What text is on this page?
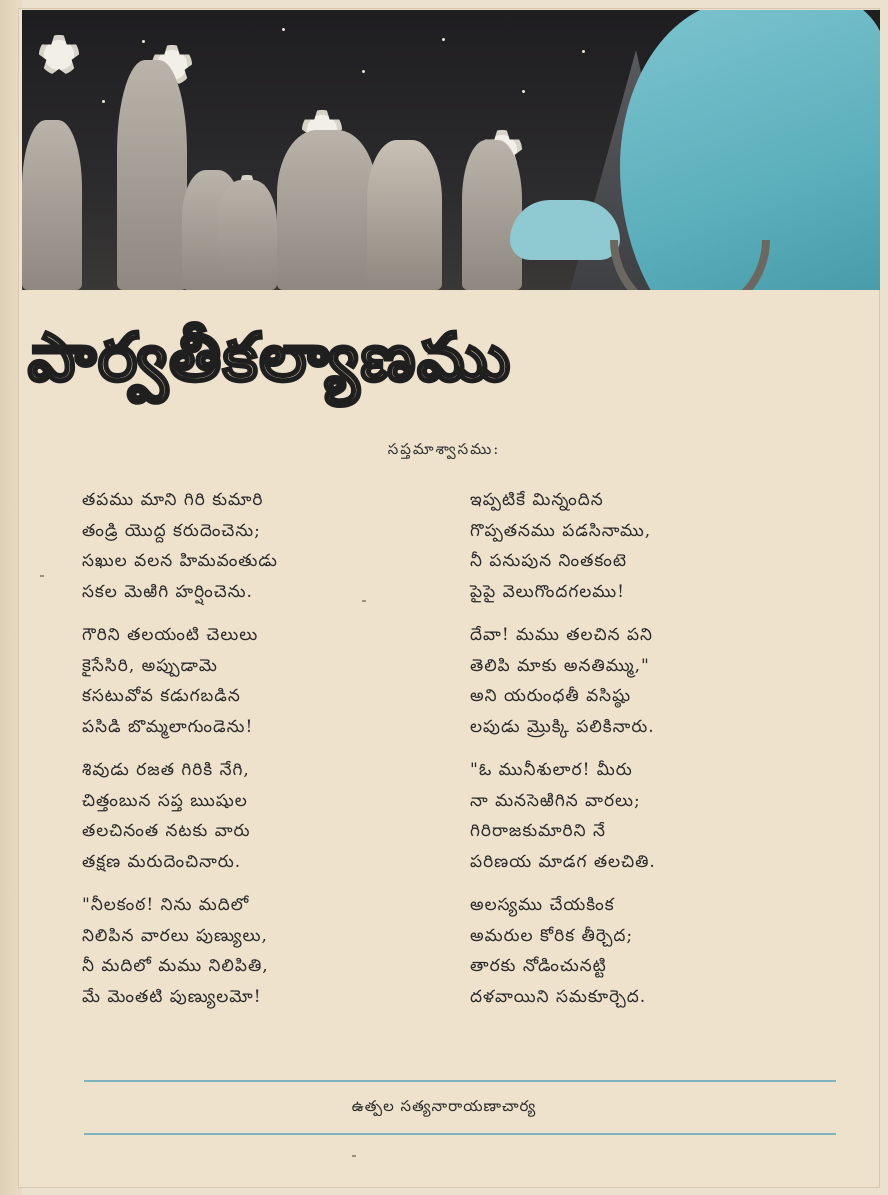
పార్వతీకల్యాణము
సప్తమాశ్వాసము:
తపము మాని గిరి కుమారి
తండ్రి యొద్ద కరుదెంచెను;
సఖుల వలన హిమవంతుడు
సకల మెఱిగి హర్షించెను.
గౌరిని తలయంటి చెలులు
కైసేసిరి, అప్పుడామె
కసటువోవ కడుగబడిన
పసిడి బొమ్మలాగుండెను!
శివుడు రజత గిరికి నేగి,
చిత్తంబున సప్త ఋషుల
తలచినంత నటకు వారు
తక్షణ మరుదెంచినారు.
"నీలకంఠ! నిను మదిలో
నిలిపిన వారలు పుణ్యులు,
నీ మదిలో మము నిలిపితి,
మే మెంతటి పుణ్యులమో!
ఇప్పటికే మిన్నందిన
గొప్పతనము పడసినాము,
నీ పనుపున నింతకంటె
పైపై వెలుగొందగలము!
దేవా! మము తలచిన పని
తెలిపి మాకు అనతిమ్ము,"
అని యరుంధతీ వసిష్ఠు
లపుడు మ్రొక్కి పలికినారు.
"ఓ మునీశులార! మీరు
నా మనసెఱిగిన వారలు;
గిరిరాజకుమారిని నే
పరిణయ మాడగ తలచితి.
అలస్యము చేయకింక
అమరుల కోరిక తీర్చెద;
తారకు నోడించునట్టి
దళవాయిని సమకూర్చెద.
ఉత్పల సత్యనారాయణాచార్య
